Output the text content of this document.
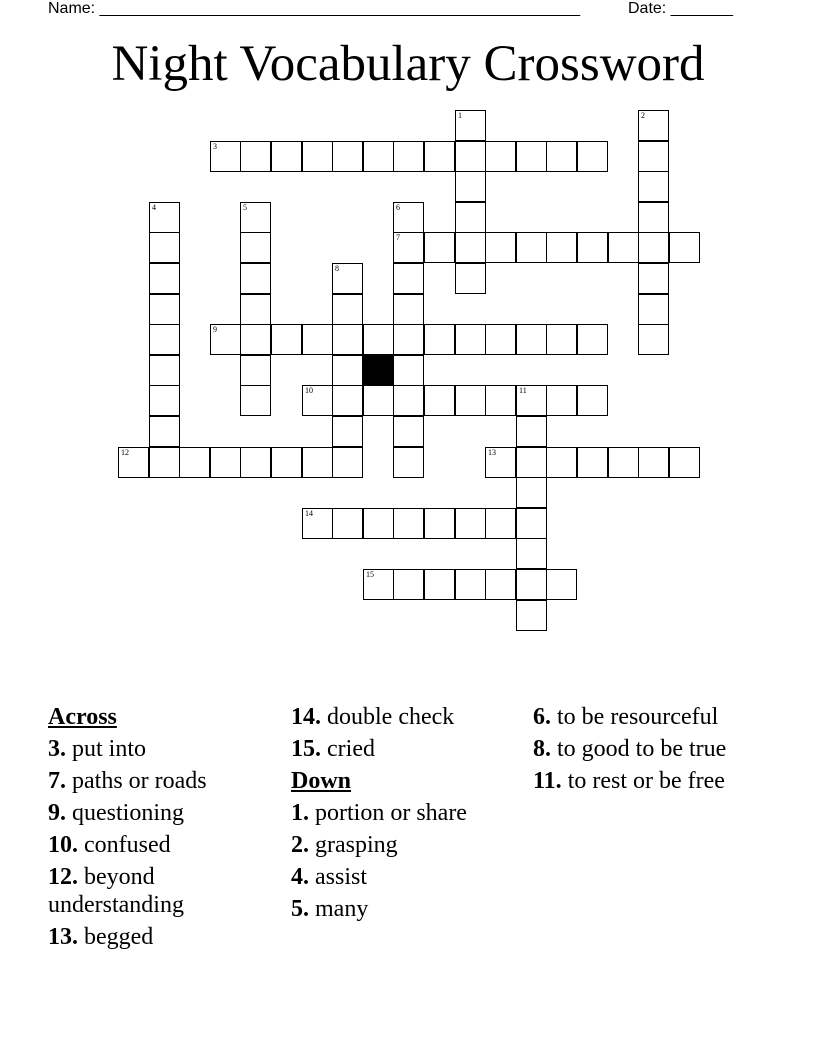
Name: ______________________________________________________	Date: _______
Night Vocabulary Crossword
1	2
3
4	5	6
7
8
9
10	11
12	13
14
15
Across
3. put into
7. paths or roads
9. questioning
10. confused
12. beyond understanding
13. begged
14. double check
15. cried
Down
1. portion or share
2. grasping
4. assist
5. many
6. to be resourceful
8. to good to be true
11. to rest or be free
